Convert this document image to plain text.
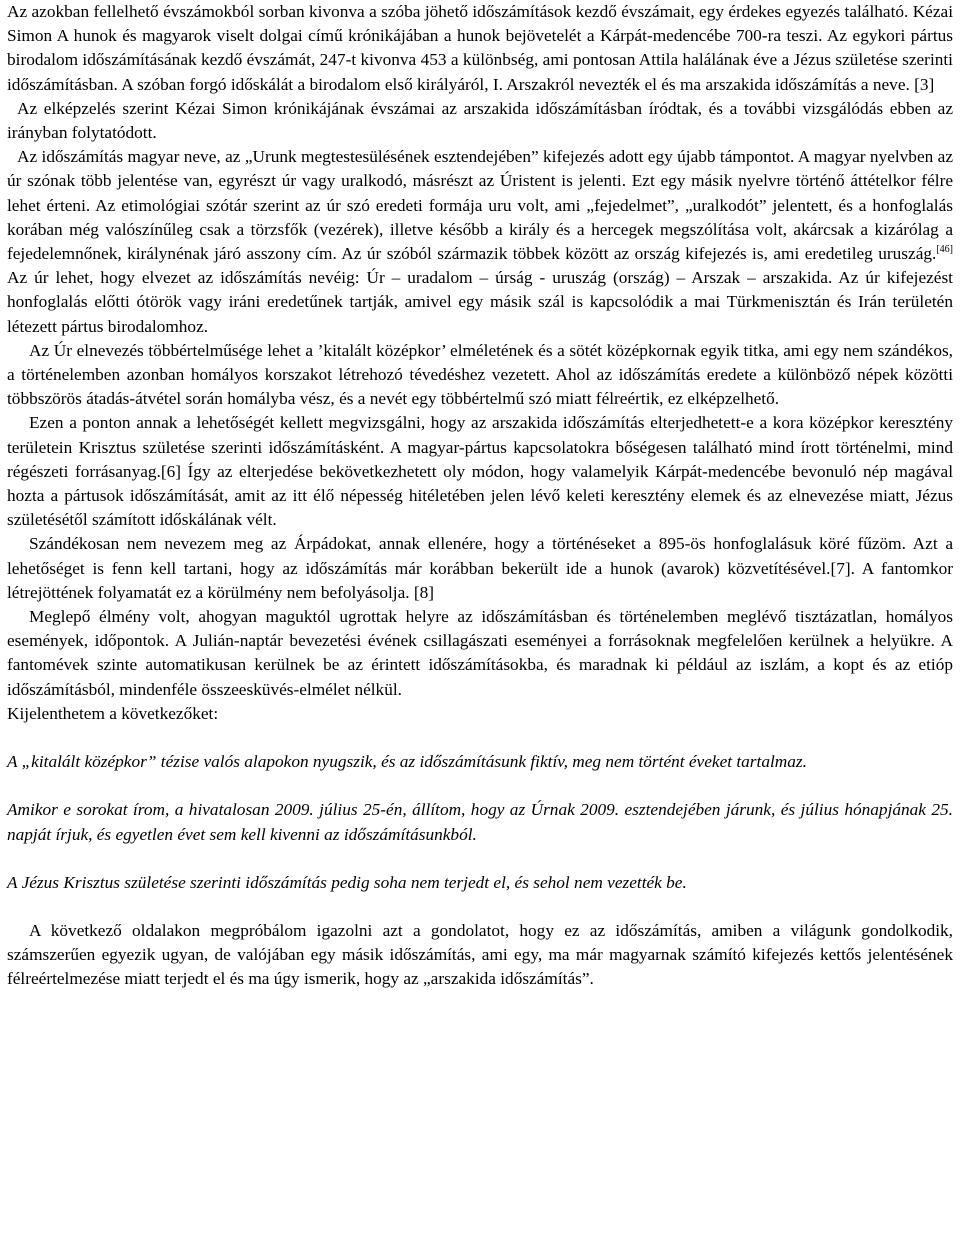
Az azokban fellelhető évszámokból sorban kivonva a szóba jöhető időszámítások kezdő évszámait, egy érdekes egyezés található. Kézai Simon A hunok és magyarok viselt dolgai című krónikájában a hunok bejövetelét a Kárpát-medencébe 700-ra teszi. Az egykori pártus birodalom időszámításának kezdő évszámát, 247-t kivonva 453 a különbség, ami pontosan Attila halálának éve a Jézus születése szerinti időszámításban. A szóban forgó időskálát a birodalom első királyáról, I. Arszakról nevezték el és ma arszakida időszámítás a neve. [3]

Az elképzelés szerint Kézai Simon krónikájának évszámai az arszakida időszámításban íródtak, és a további vizsgálódás ebben az irányban folytatódott.

Az időszámítás magyar neve, az „Urunk megtestesülésének esztendejében” kifejezés adott egy újabb támpontot. A magyar nyelvben az úr szónak több jelentése van, egyrészt úr vagy uralkodó, másrészt az Úristent is jelenti. Ezt egy másik nyelvre történő áttételkor félre lehet érteni. Az etimológiai szótár szerint az úr szó eredeti formája uru volt, ami „fejedelmet”, „uralkodót” jelentett, és a honfoglalás korában még valószínűleg csak a törzsfők (vezérek), illetve később a király és a hercegek megszólítása volt, akárcsak a kizárólag a fejedelemnőnek, királynénak járó asszony cím. Az úr szóból származik többek között az ország kifejezés is, ami eredetileg uruszág.[46] Az úr lehet, hogy elvezet az időszámítás nevéig: Úr – uradalom – úrság - uruszág (ország) – Arszak – arszakida. Az úr kifejezést honfoglalás előtti ótörök vagy iráni eredetűnek tartják, amivel egy másik szál is kapcsolódik a mai Türkmenisztán és Irán területén létezett pártus birodalomhoz.

Az Úr elnevezés többértelműsége lehet a ’kitalált középkor’ elméletének és a sötét középkornak egyik titka, ami egy nem szándékos, a történelemben azonban homályos korszakot létrehozó tévedéshez vezetett. Ahol az időszámítás eredete a különböző népek közötti többszörös átadás-átvétel során homályba vész, és a nevét egy többértelmű szó miatt félreértik, ez elképzelhető.

Ezen a ponton annak a lehetőségét kellett megvizsgálni, hogy az arszakida időszámítás elterjedhetett-e a kora középkor keresztény területein Krisztus születése szerinti időszámításként. A magyar-pártus kapcsolatokra bőségesen található mind írott történelmi, mind régészeti forrásanyag.[6] Így az elterjedése bekövetkezhetett oly módon, hogy valamelyik Kárpát-medencébe bevonuló nép magával hozta a pártusok időszámítását, amit az itt élő népesség hitéletében jelen lévő keleti keresztény elemek és az elnevezése miatt, Jézus születésétől számított időskálának vélt.

Szándékosan nem nevezem meg az Árpádokat, annak ellenére, hogy a történéseket a 895-ös honfoglalásuk köré fűzöm. Azt a lehetőséget is fenn kell tartani, hogy az időszámítás már korábban bekerült ide a hunok (avarok) közvetítésével.[7]. A fantomkor létrejöttének folyamatát ez a körülmény nem befolyásolja. [8]

Meglepő élmény volt, ahogyan maguktól ugrottak helyre az időszámításban és történelemben meglévő tisztázatlan, homályos események, időpontok. A Julián-naptár bevezetési évének csillagászati eseményei a forrásoknak megfelelően kerülnek a helyükre. A fantomévek szinte automatikusan kerülnek be az érintett időszámításokba, és maradnak ki például az iszlám, a kopt és az etióp időszámításból, mindenféle összeesküvés-elmélet nélkül.

Kijelenthetem a következőket:

A „kitalált középkor” tézise valós alapokon nyugszik, és az időszámításunk fiktív, meg nem történt éveket tartalmaz.

Amikor e sorokat írom, a hivatalosan 2009. július 25-én, állítom, hogy az Úrnak 2009. esztendejében járunk, és július hónapjának 25. napját írjuk, és egyetlen évet sem kell kivenni az időszámításunkból.

A Jézus Krisztus születése szerinti időszámítás pedig soha nem terjedt el, és sehol nem vezették be.

A következő oldalakon megpróbálom igazolni azt a gondolatot, hogy ez az időszámítás, amiben a világunk gondolkodik, számszerűen egyezik ugyan, de valójában egy másik időszámítás, ami egy, ma már magyarnak számító kifejezés kettős jelentésének félreértelmezése miatt terjedt el és ma úgy ismerik, hogy az „arszakida időszámítás”.
